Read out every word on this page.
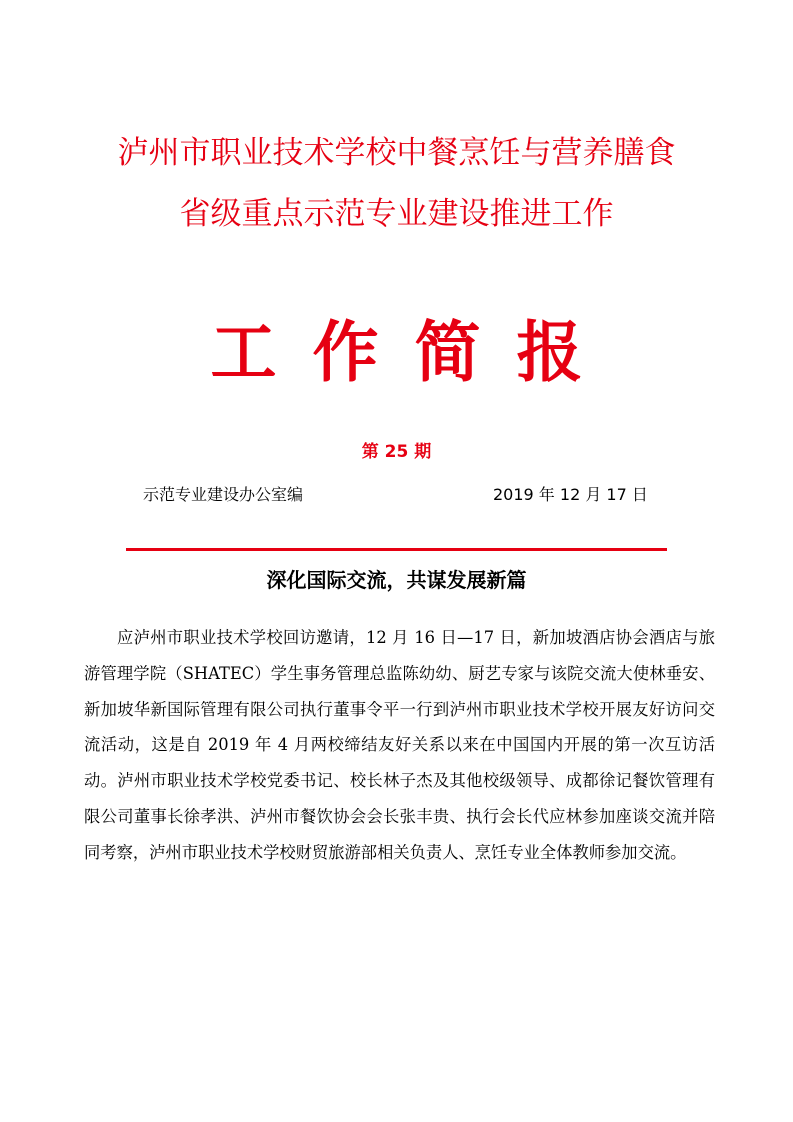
泸州市职业技术学校中餐烹饪与营养膳食
省级重点示范专业建设推进工作
工作简报
第 25 期
示范专业建设办公室编	2019 年 12 月 17 日
深化国际交流，共谋发展新篇

应泸州市职业技术学校回访邀请，12 月 16 日—17 日，新加坡酒店协会酒店与旅游管理学院（SHATEC）学生事务管理总监陈幼幼、厨艺专家与该院交流大使林垂安、新加坡华新国际管理有限公司执行董事令平一行到泸州市职业技术学校开展友好访问交流活动，这是自 2019 年 4 月两校缔结友好关系以来在中国国内开展的第一次互访活动。泸州市职业技术学校党委书记、校长林子杰及其他校级领导、成都徐记餐饮管理有限公司董事长徐孝洪、泸州市餐饮协会会长张丰贵、执行会长代应林参加座谈交流并陪同考察，泸州市职业技术学校财贸旅游部相关负责人、烹饪专业全体教师参加交流。
